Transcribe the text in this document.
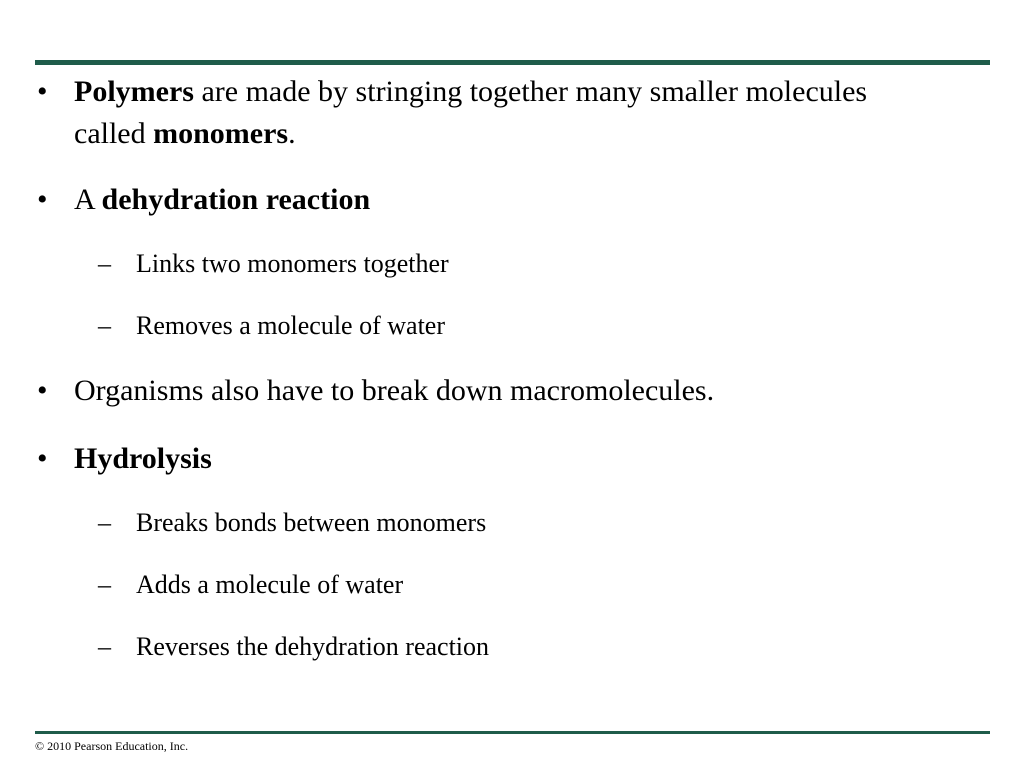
• Polymers are made by stringing together many smaller molecules
called monomers.
• A dehydration reaction
– Links two monomers together
– Removes a molecule of water
• Organisms also have to break down macromolecules.
• Hydrolysis
– Breaks bonds between monomers
– Adds a molecule of water
– Reverses the dehydration reaction
© 2010 Pearson Education, Inc.
